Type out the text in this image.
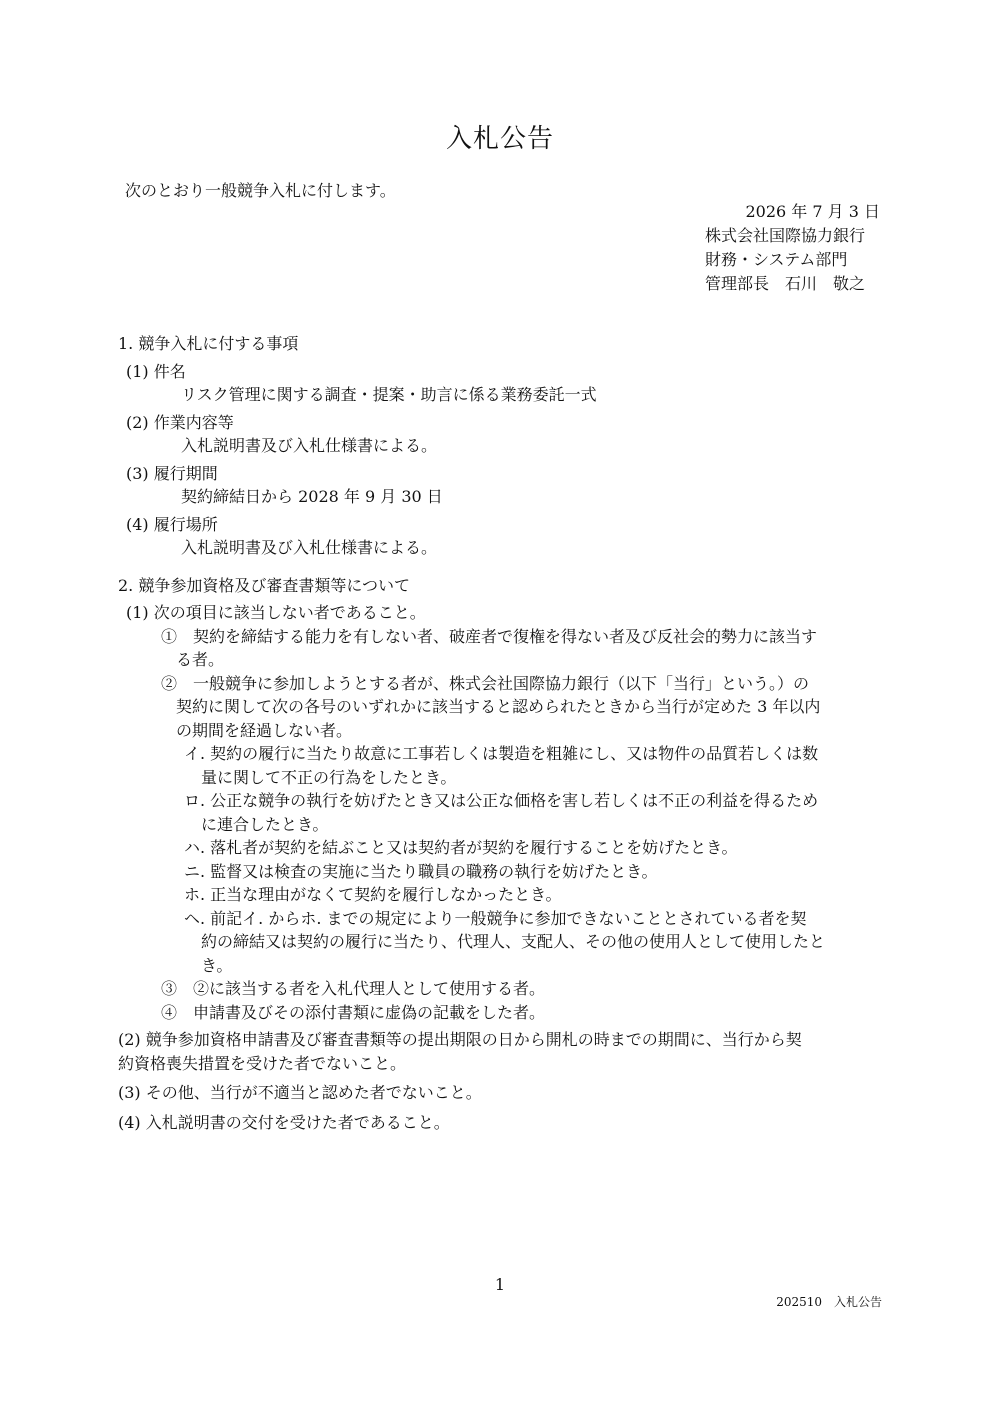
入札公告
次のとおり一般競争入札に付します。
2026 年 7 月 3 日
株式会社国際協力銀行
財務・システム部門
管理部長　石川　敬之
1. 競争入札に付する事項
(1) 件名
リスク管理に関する調査・提案・助言に係る業務委託一式
(2) 作業内容等
入札説明書及び入札仕様書による。
(3) 履行期間
契約締結日から 2028 年 9 月 30 日
(4) 履行場所
入札説明書及び入札仕様書による。
2. 競争参加資格及び審査書類等について
(1) 次の項目に該当しない者であること。
①　契約を締結する能力を有しない者、破産者で復権を得ない者及び反社会的勢力に該当す
る者。
②　一般競争に参加しようとする者が、株式会社国際協力銀行（以下「当行」という。）の
契約に関して次の各号のいずれかに該当すると認められたときから当行が定めた 3 年以内
の期間を経過しない者。
イ. 契約の履行に当たり故意に工事若しくは製造を粗雑にし、又は物件の品質若しくは数
量に関して不正の行為をしたとき。
ロ. 公正な競争の執行を妨げたとき又は公正な価格を害し若しくは不正の利益を得るため
に連合したとき。
ハ. 落札者が契約を結ぶこと又は契約者が契約を履行することを妨げたとき。
ニ. 監督又は検査の実施に当たり職員の職務の執行を妨げたとき。
ホ. 正当な理由がなくて契約を履行しなかったとき。
ヘ. 前記イ. からホ. までの規定により一般競争に参加できないこととされている者を契
約の締結又は契約の履行に当たり、代理人、支配人、その他の使用人として使用したと
き。
③　②に該当する者を入札代理人として使用する者。
④　申請書及びその添付書類に虚偽の記載をした者。
(2) 競争参加資格申請書及び審査書類等の提出期限の日から開札の時までの期間に、当行から契
約資格喪失措置を受けた者でないこと。
(3) その他、当行が不適当と認めた者でないこと。
(4) 入札説明書の交付を受けた者であること。
1
202510　入札公告
